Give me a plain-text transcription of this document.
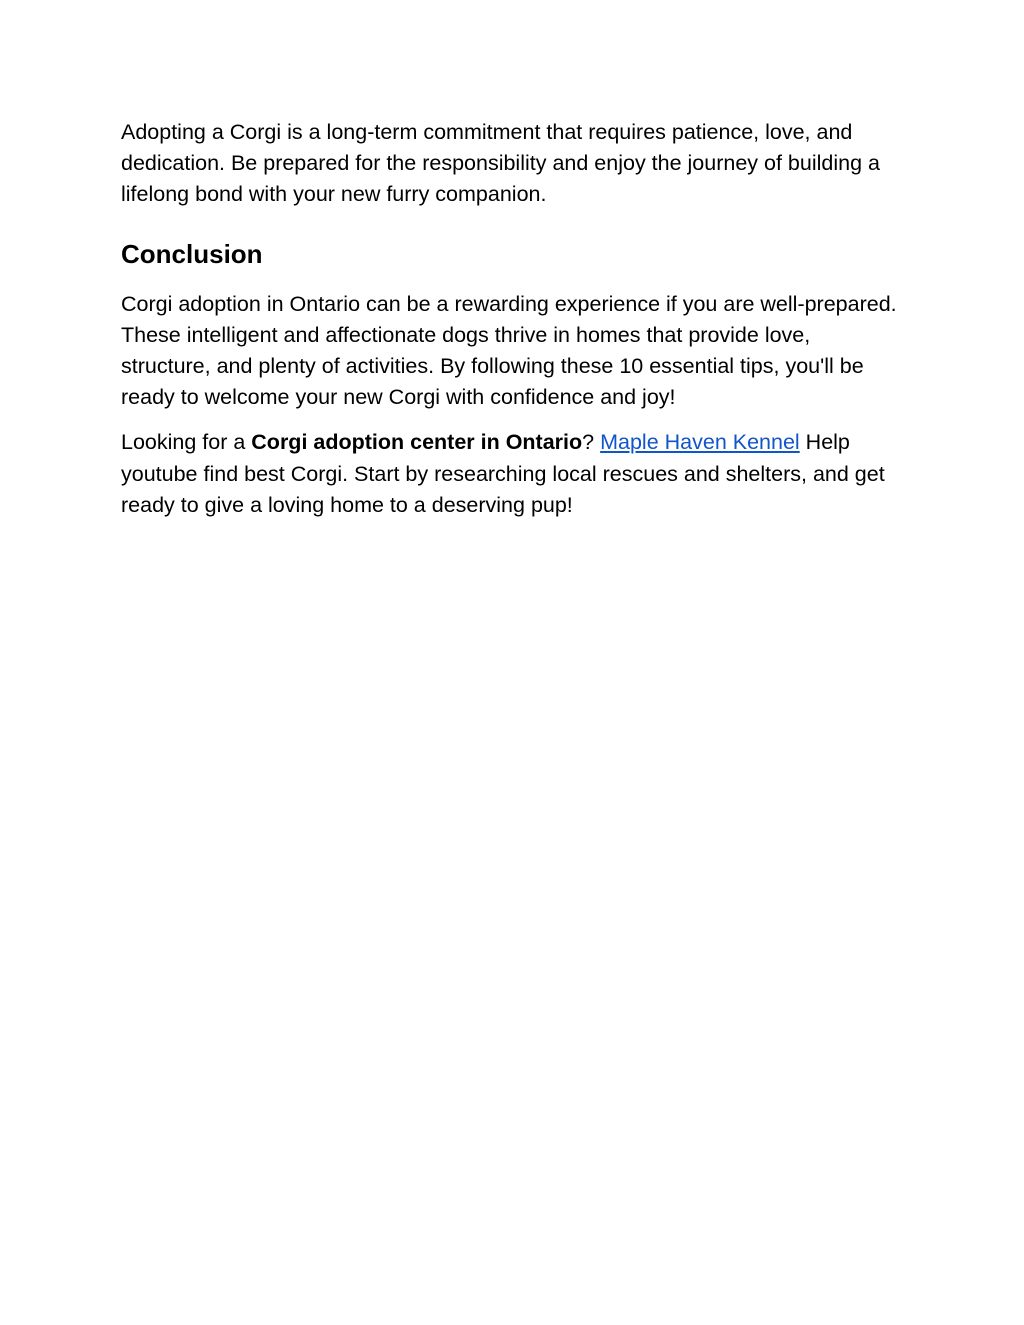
Adopting a Corgi is a long-term commitment that requires patience, love, and dedication. Be prepared for the responsibility and enjoy the journey of building a lifelong bond with your new furry companion.

Conclusion

Corgi adoption in Ontario can be a rewarding experience if you are well-prepared. These intelligent and affectionate dogs thrive in homes that provide love, structure, and plenty of activities. By following these 10 essential tips, you'll be ready to welcome your new Corgi with confidence and joy!

Looking for a Corgi adoption center in Ontario? Maple Haven Kennel Help youtube find best Corgi. Start by researching local rescues and shelters, and get ready to give a loving home to a deserving pup!
